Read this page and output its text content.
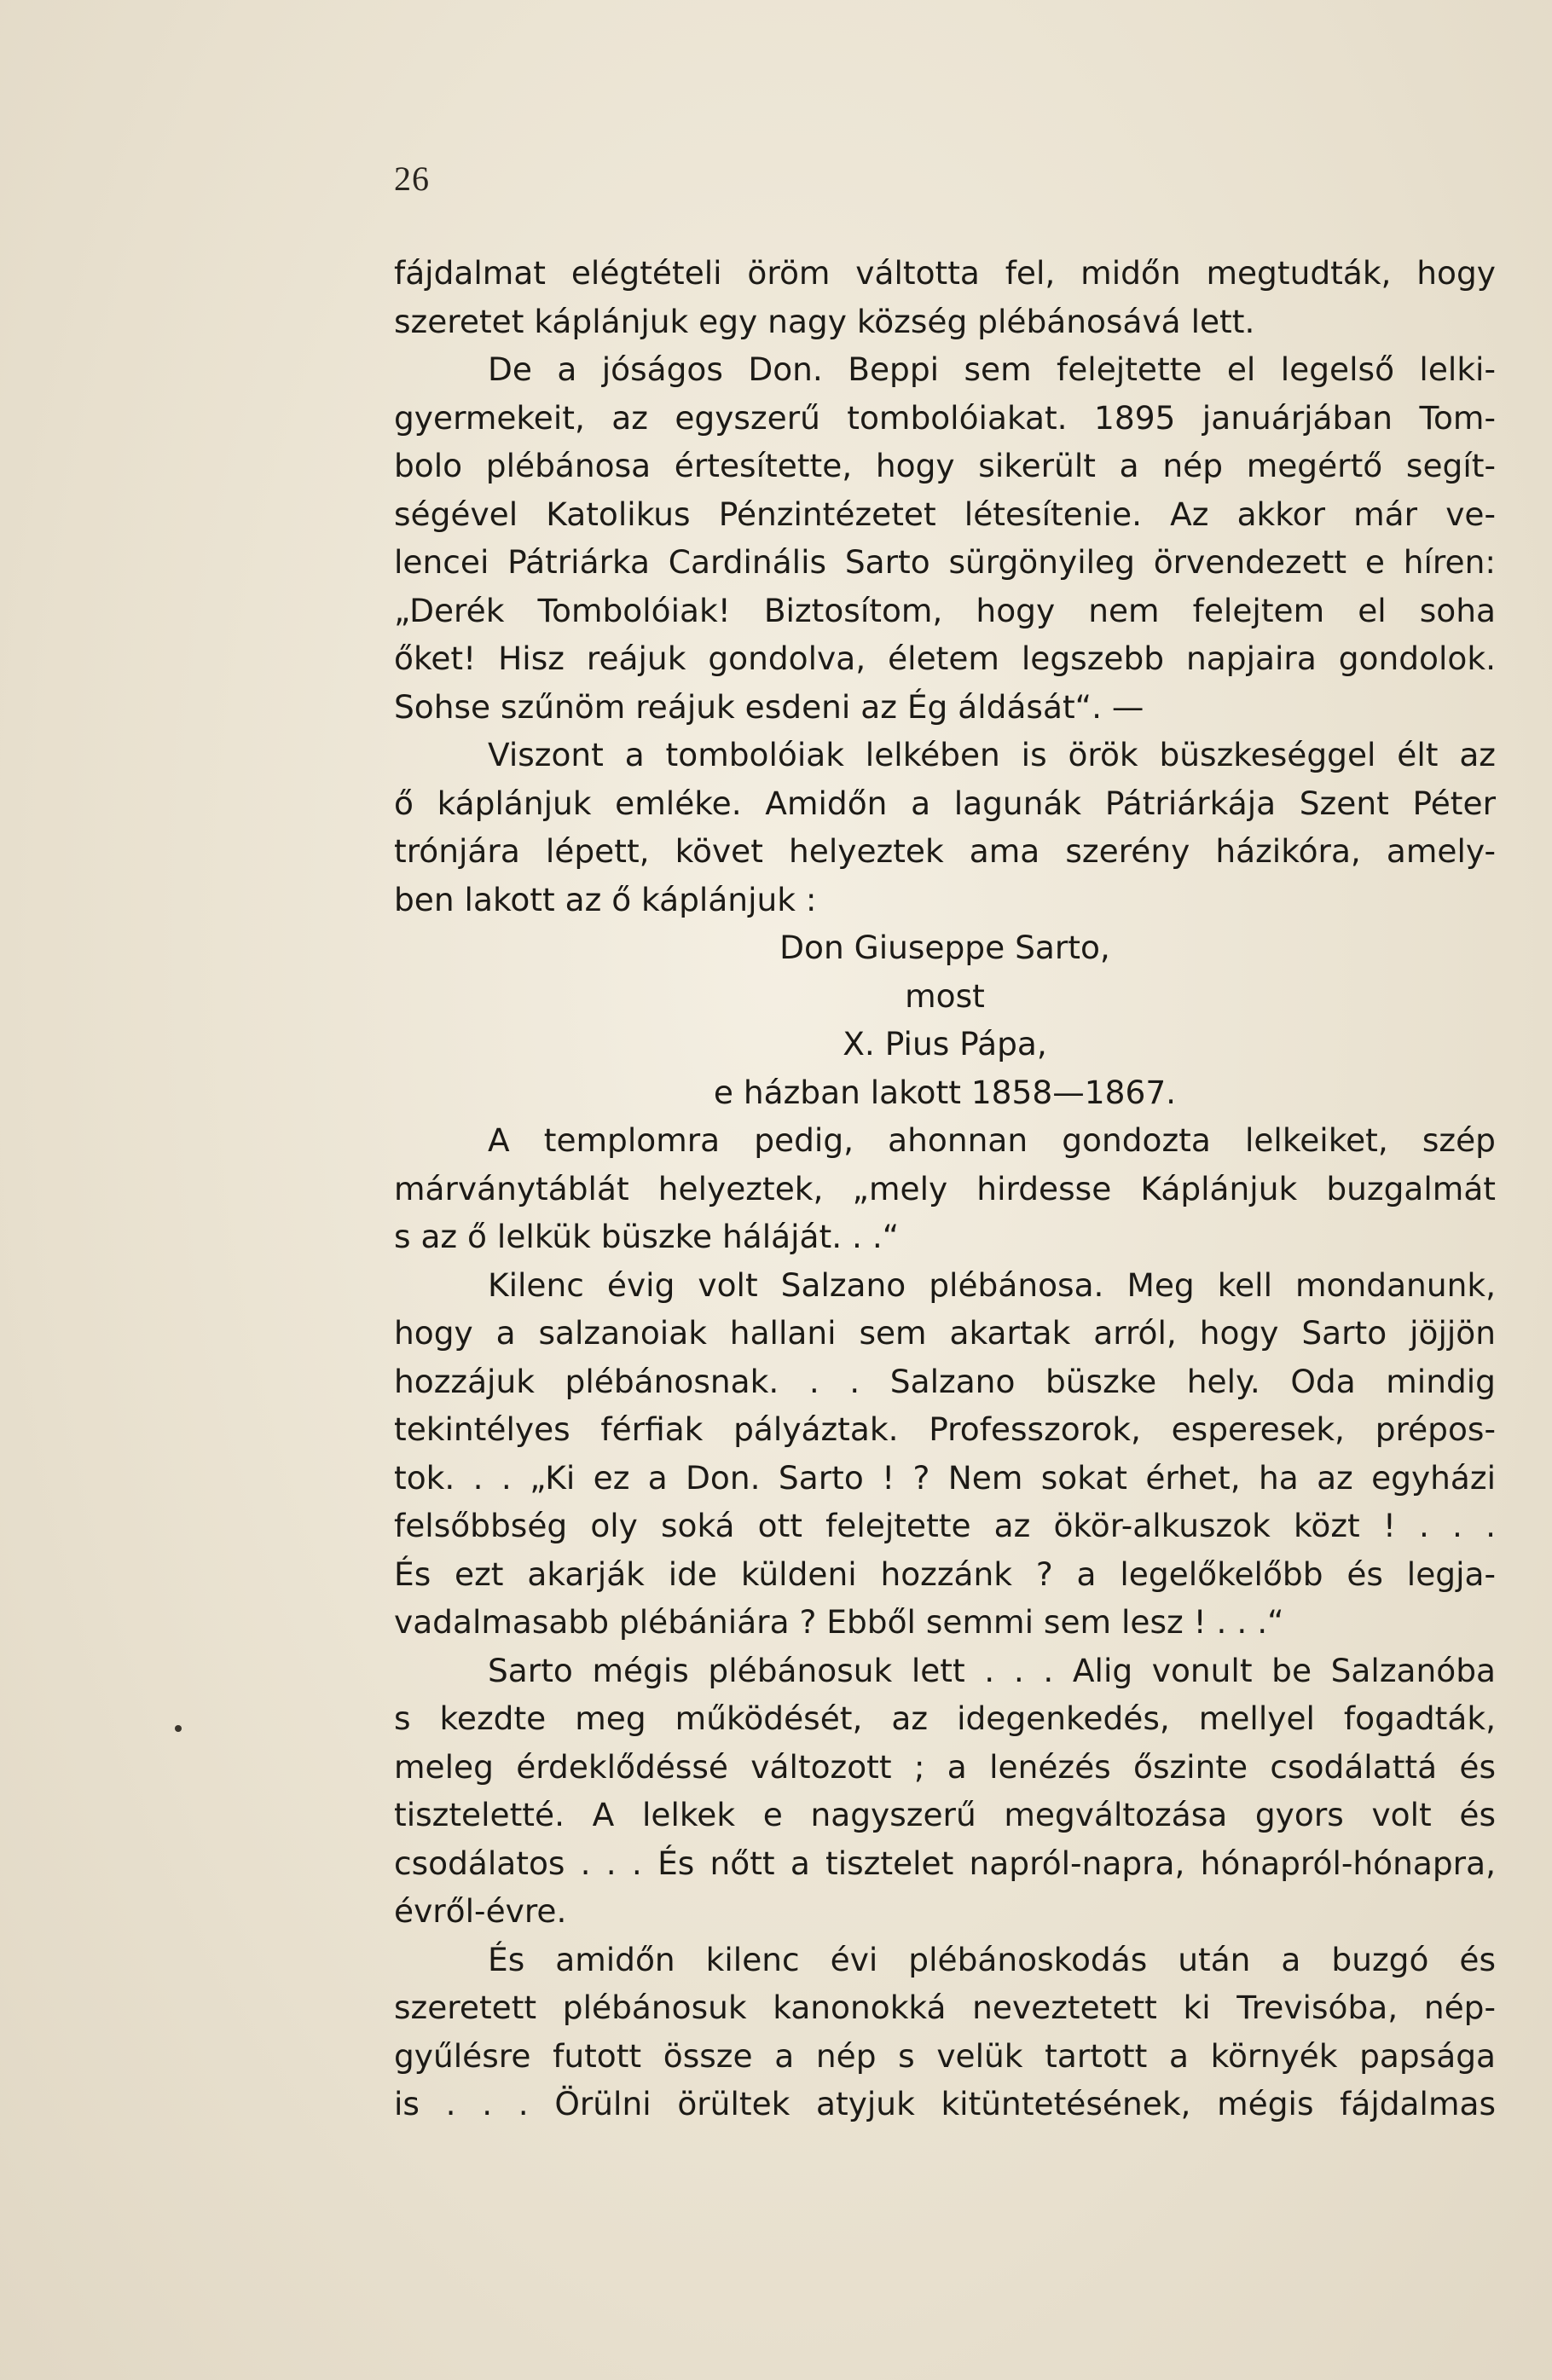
26
fájdalmat elégtételi öröm váltotta fel, midőn megtudták, hogy
szeretet káplánjuk egy nagy község plébánosává lett.
De a jóságos Don. Beppi sem felejtette el legelső lelki-
gyermekeit, az egyszerű tombolóiakat. 1895 januárjában Tom-
bolo plébánosa értesítette, hogy sikerült a nép megértő segít-
ségével Katolikus Pénzintézetet létesítenie. Az akkor már ve-
lencei Pátriárka Cardinális Sarto sürgönyileg örvendezett e híren:
„Derék Tombolóiak! Biztosítom, hogy nem felejtem el soha
őket! Hisz reájuk gondolva, életem legszebb napjaira gondolok.
Sohse szűnöm reájuk esdeni az Ég áldását“. —
Viszont a tombolóiak lelkében is örök büszkeséggel élt az
ő káplánjuk emléke. Amidőn a lagunák Pátriárkája Szent Péter
trónjára lépett, követ helyeztek ama szerény házikóra, amely-
ben lakott az ő káplánjuk :
Don Giuseppe Sarto,
most
X. Pius Pápa,
e házban lakott 1858—1867.
A templomra pedig, ahonnan gondozta lelkeiket, szép
márványtáblát helyeztek, „mely hirdesse Káplánjuk buzgalmát
s az ő lelkük büszke háláját. . .“
Kilenc évig volt Salzano plébánosa. Meg kell mondanunk,
hogy a salzanoiak hallani sem akartak arról, hogy Sarto jöjjön
hozzájuk plébánosnak. . . Salzano büszke hely. Oda mindig
tekintélyes férfiak pályáztak. Professzorok, esperesek, prépos-
tok. . . „Ki ez a Don. Sarto ! ? Nem sokat érhet, ha az egyházi
felsőbbség oly soká ott felejtette az ökör-alkuszok közt ! . . .
És ezt akarják ide küldeni hozzánk ? a legelőkelőbb és legja-
vadalmasabb plébániára ? Ebből semmi sem lesz ! . . .“
Sarto mégis plébánosuk lett . . . Alig vonult be Salzanóba
s kezdte meg működését, az idegenkedés, mellyel fogadták,
meleg érdeklődéssé változott ; a lenézés őszinte csodálattá és
tiszteletté. A lelkek e nagyszerű megváltozása gyors volt és
csodálatos . . . És nőtt a tisztelet napról-napra, hónapról-hónapra,
évről-évre.
És amidőn kilenc évi plébánoskodás után a buzgó és
szeretett plébánosuk kanonokká neveztetett ki Trevisóba, nép-
gyűlésre futott össze a nép s velük tartott a környék papsága
is . . . Örülni örültek atyjuk kitüntetésének, mégis fájdalmas
